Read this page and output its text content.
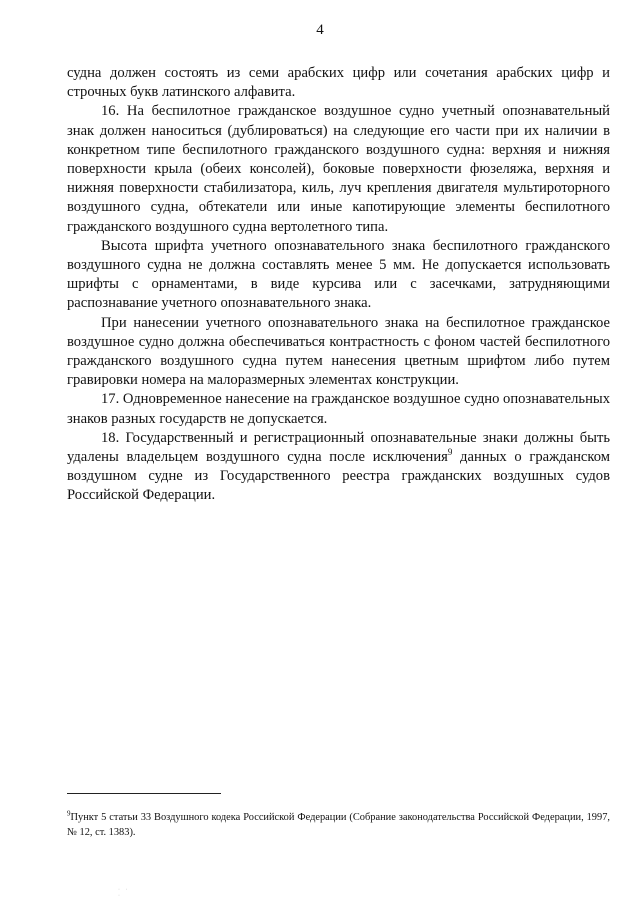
4

судна должен состоять из семи арабских цифр или сочетания арабских цифр и строчных букв латинского алфавита.

16. На беспилотное гражданское воздушное судно учетный опознавательный знак должен наноситься (дублироваться) на следующие его части при их наличии в конкретном типе беспилотного гражданского воздушного судна: верхняя и нижняя поверхности крыла (обеих консолей), боковые поверхности фюзеляжа, верхняя и нижняя поверхности стабилизатора, киль, луч крепления двигателя мультироторного воздушного судна, обтекатели или иные капотирующие элементы беспилотного гражданского воздушного судна вертолетного типа.

Высота шрифта учетного опознавательного знака беспилотного гражданского воздушного судна не должна составлять менее 5 мм. Не допускается использовать шрифты с орнаментами, в виде курсива или с засечками, затрудняющими распознавание учетного опознавательного знака.

При нанесении учетного опознавательного знака на беспилотное гражданское воздушное судно должна обеспечиваться контрастность с фоном частей беспилотного гражданского воздушного судна путем нанесения цветным шрифтом либо путем гравировки номера на малоразмерных элементах конструкции.

17. Одновременное нанесение на гражданское воздушное судно опознавательных знаков разных государств не допускается.

18. Государственный и регистрационный опознавательные знаки должны быть удалены владельцем воздушного судна после исключения$^9$ данных о гражданском воздушном судне из Государственного реестра гражданских воздушных судов Российской Федерации.

$^9$Пункт 5 статьи 33 Воздушного кодека Российской Федерации (Собрание законодательства Российской Федерации, 1997, № 12, ст. 1383).
· · ·
